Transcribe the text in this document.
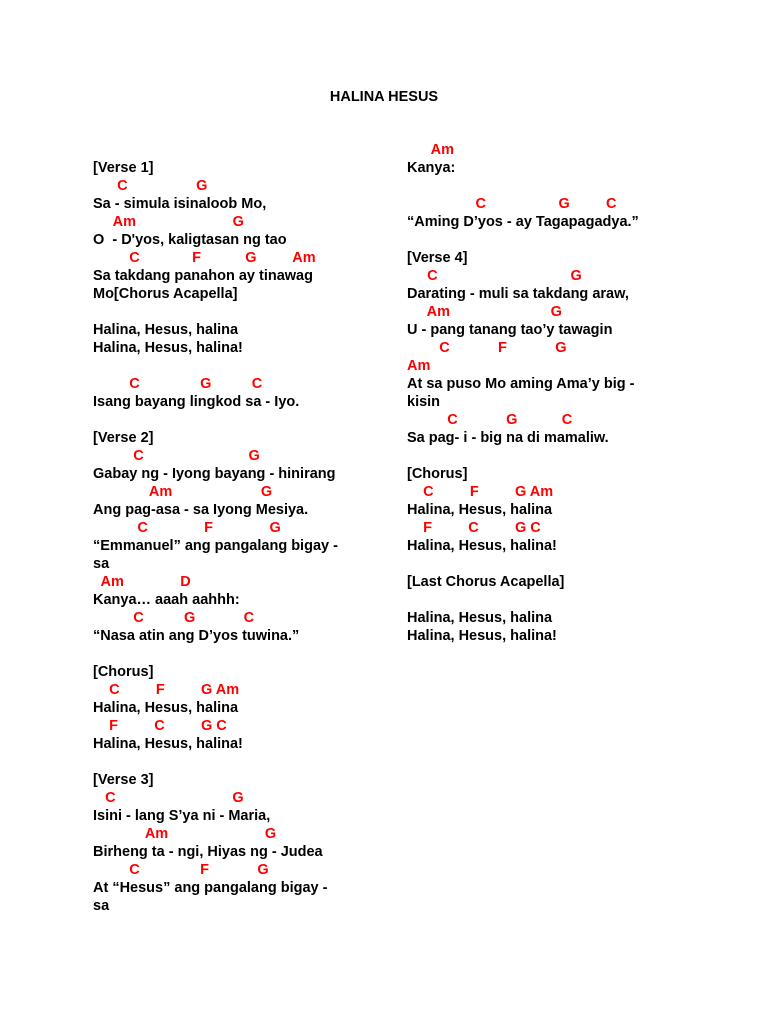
HALINA HESUS
[Verse 1]
C                 G
Sa - simula isinaloob Mo,
Am                        G
O  - D'yos, kaligtasan ng tao
C             F           G         Am
Sa takdang panahon ay tinawag
Mo[Chorus Acapella]
Halina, Hesus, halina
Halina, Hesus, halina!
C               G          C
Isang bayang lingkod sa - Iyo.
[Verse 2]
C                          G
Gabay ng - Iyong bayang - hinirang
Am                      G
Ang pag-asa - sa Iyong Mesiya.
C              F              G
“Emmanuel” ang pangalang bigay -
sa
Am              D
Kanya… aaah aahhh:
C          G            C
“Nasa atin ang D’yos tuwina.”
[Chorus]
C         F         G Am
Halina, Hesus, halina
F         C         G C
Halina, Hesus, halina!
[Verse 3]
C                             G
Isini - lang S’ya ni - Maria,
Am                        G
Birheng ta - ngi, Hiyas ng - Judea
C               F            G
At “Hesus” ang pangalang bigay -
sa
Am
Kanya:
C                  G         C
“Aming D’yos - ay Tagapagadya.”
[Verse 4]
C                                 G
Darating - muli sa takdang araw,
Am                         G
U - pang tanang tao’y tawagin
C            F            G
Am
At sa puso Mo aming Ama’y big -
kisin
C            G           C
Sa pag- i - big na di mamaliw.
[Chorus]
C         F         G Am
Halina, Hesus, halina
F         C         G C
Halina, Hesus, halina!
[Last Chorus Acapella]
Halina, Hesus, halina
Halina, Hesus, halina!
